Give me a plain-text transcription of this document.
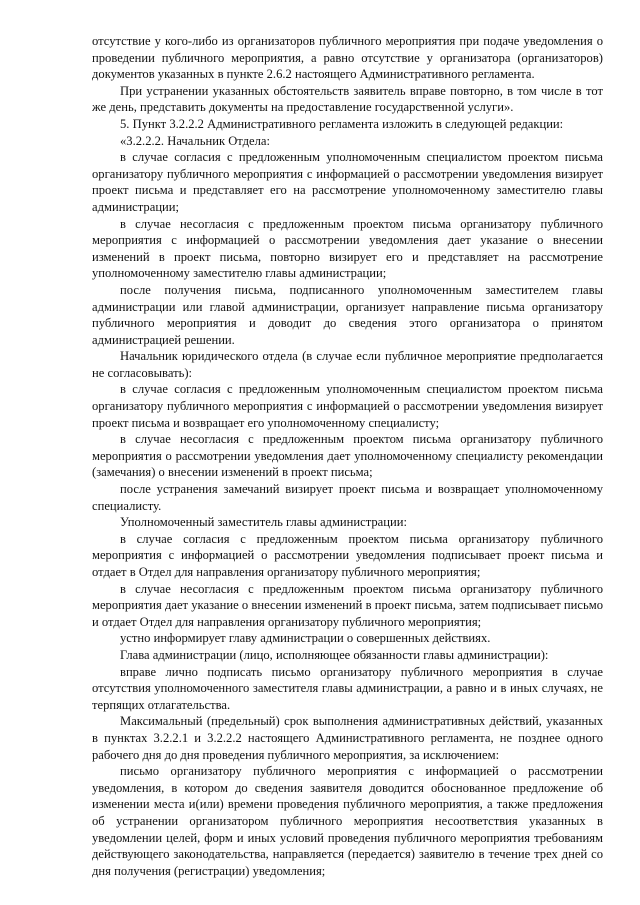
отсутствие у кого-либо из организаторов публичного мероприятия при подаче уведомления о проведении публичного мероприятия, а равно отсутствие у организатора (организаторов) документов указанных в пункте 2.6.2 настоящего Административного регламента.

При устранении указанных обстоятельств заявитель вправе повторно, в том числе в тот же день, представить документы на предоставление государственной услуги».

5. Пункт 3.2.2.2 Административного регламента изложить в следующей редакции:

«3.2.2.2. Начальник Отдела:

в случае согласия с предложенным уполномоченным специалистом проектом письма организатору публичного мероприятия с информацией о рассмотрении уведомления визирует проект письма и представляет его на рассмотрение уполномоченному заместителю главы администрации;

в случае несогласия с предложенным проектом письма организатору публичного мероприятия с информацией о рассмотрении уведомления дает указание о внесении изменений в проект письма, повторно визирует его и представляет на рассмотрение уполномоченному заместителю главы администрации;

после получения письма, подписанного уполномоченным заместителем главы администрации или главой администрации, организует направление письма организатору публичного мероприятия и доводит до сведения этого организатора о принятом администрацией решении.

Начальник юридического отдела (в случае если публичное мероприятие предполагается не согласовывать):

в случае согласия с предложенным уполномоченным специалистом проектом письма организатору публичного мероприятия с информацией о рассмотрении уведомления визирует проект письма и возвращает его уполномоченному специалисту;

в случае несогласия с предложенным проектом письма организатору публичного мероприятия о рассмотрении уведомления дает уполномоченному специалисту рекомендации (замечания) о внесении изменений в проект письма;

после устранения замечаний визирует проект письма и возвращает уполномоченному специалисту.

Уполномоченный заместитель главы администрации:

в случае согласия с предложенным проектом письма организатору публичного мероприятия с информацией о рассмотрении уведомления подписывает проект письма и отдает в Отдел для направления организатору публичного мероприятия;

в случае несогласия с предложенным проектом письма организатору публичного мероприятия дает указание о внесении изменений в проект письма, затем подписывает письмо и отдает Отдел для направления организатору публичного мероприятия;

устно информирует главу администрации о совершенных действиях.

Глава администрации (лицо, исполняющее обязанности главы администрации):

вправе лично подписать письмо организатору публичного мероприятия в случае отсутствия уполномоченного заместителя главы администрации, а равно и в иных случаях, не терпящих отлагательства.

Максимальный (предельный) срок выполнения административных действий, указанных в пунктах 3.2.2.1 и 3.2.2.2 настоящего Административного регламента, не позднее одного рабочего дня до дня проведения публичного мероприятия, за исключением:

письмо организатору публичного мероприятия с информацией о рассмотрении уведомления, в котором до сведения заявителя доводится обоснованное предложение об изменении места и(или) времени проведения публичного мероприятия, а также предложения об устранении организатором публичного мероприятия несоответствия указанных в уведомлении целей, форм и иных условий проведения публичного мероприятия требованиям действующего законодательства, направляется (передается) заявителю в течение трех дней со дня получения (регистрации) уведомления;
